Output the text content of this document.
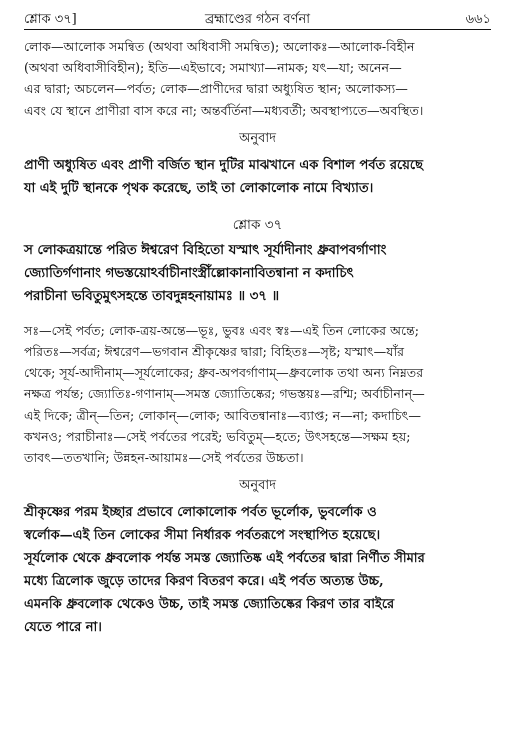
শ্লোক ৩৭]	ব্রহ্মাণ্ডের গঠন বর্ণনা	৬৬১
লোক—আলোক সমন্বিত (অথবা অধিবাসী সমন্বিত); অলোকঃ—আলোক-বিহীন
(অথবা অধিবাসীবিহীন); ইতি—এইভাবে; সমাখ্যা—নামক; যৎ—যা; অনেন—
এর দ্বারা; অচলেন—পর্বত; লোক—প্রাণীদের দ্বারা অধ্যুষিত স্থান; অলোকস্য—
এবং যে স্থানে প্রাণীরা বাস করে না; অন্তর্বর্তিনা—মধ্যবর্তী; অবস্থাপ্যতে—অবস্থিত।
অনুবাদ
প্রাণী অধ্যুষিত এবং প্রাণী বর্জিত স্থান দুটির মাঝখানে এক বিশাল পর্বত রয়েছে
যা এই দুটি স্থানকে পৃথক করেছে, তাই তা লোকালোক নামে বিখ্যাত।
শ্লোক ৩৭
স লোকত্রয়ান্তে পরিত ঈশ্বরেণ বিহিতো যস্মাৎ সূর্যাদীনাং ধ্রুবাপবর্গাণাং
জ্যোতির্গণানাং গভস্তয়োঽর্বাচীনাংস্ত্রীঁল্লোকানাবিতন্বানা ন কদাচিৎ
পরাচীনা ভবিতুমুৎসহন্তে তাবদুন্নহনায়ামঃ ॥ ৩৭ ॥
সঃ—সেই পর্বত; লোক-ত্রয়-অন্তে—ভূঃ, ভুবঃ এবং স্বঃ—এই তিন লোকের অন্তে;
পরিতঃ—সর্বত্র; ঈশ্বরেণ—ভগবান শ্রীকৃষ্ণের দ্বারা; বিহিতঃ—সৃষ্ট; যস্মাৎ—যাঁর
থেকে; সূর্য-আদীনাম্—সূর্যলোকের; ধ্রুব-অপবর্গাণাম্—ধ্রুবলোক তথা অন্য নিম্নতর
নক্ষত্র পর্যন্ত; জ্যোতিঃ-গণানাম্—সমস্ত জ্যোতিষ্কের; গভস্তয়ঃ—রশ্মি; অর্বাচীনান্—
এই দিকে; ত্রীন্—তিন; লোকান্—লোক; আবিতন্বানাঃ—ব্যাপ্ত; ন—না; কদাচিৎ—
কখনও; পরাচীনাঃ—সেই পর্বতের পরেই; ভবিতুম্—হতে; উৎসহন্তে—সক্ষম হয়;
তাবৎ—ততখানি; উন্নহন-আয়ামঃ—সেই পর্বতের উচ্চতা।
অনুবাদ
শ্রীকৃষ্ণের পরম ইচ্ছার প্রভাবে লোকালোক পর্বত ভূর্লোক, ভুবর্লোক ও
স্বর্লোক—এই তিন লোকের সীমা নির্ধারক পর্বতরূপে সংস্থাপিত হয়েছে।
সূর্যলোক থেকে ধ্রুবলোক পর্যন্ত সমস্ত জ্যোতিষ্ক এই পর্বতের দ্বারা নির্ণীত সীমার
মধ্যে ত্রিলোক জুড়ে তাদের কিরণ বিতরণ করে। এই পর্বত অত্যন্ত উচ্চ,
এমনকি ধ্রুবলোক থেকেও উচ্চ, তাই সমস্ত জ্যোতিষ্কের কিরণ তার বাইরে
যেতে পারে না।
